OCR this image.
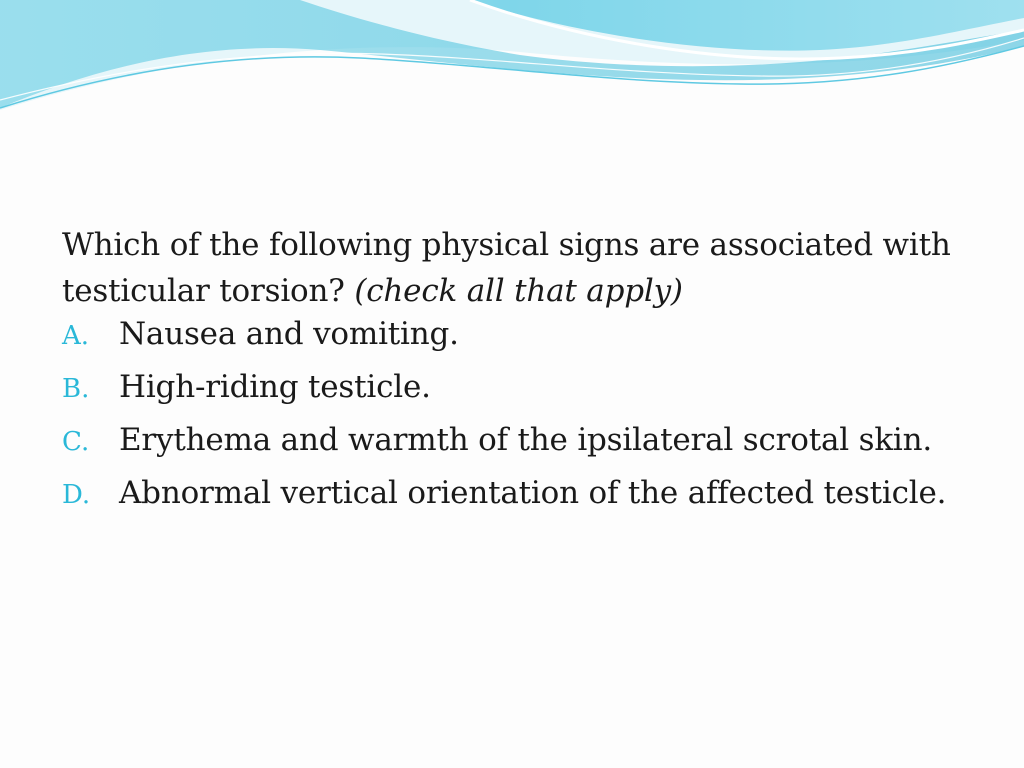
Which of the following physical signs are associated with testicular torsion? (check all that apply)

A. Nausea and vomiting.
B. High-riding testicle.
C. Erythema and warmth of the ipsilateral scrotal skin.
D. Abnormal vertical orientation of the affected testicle.
